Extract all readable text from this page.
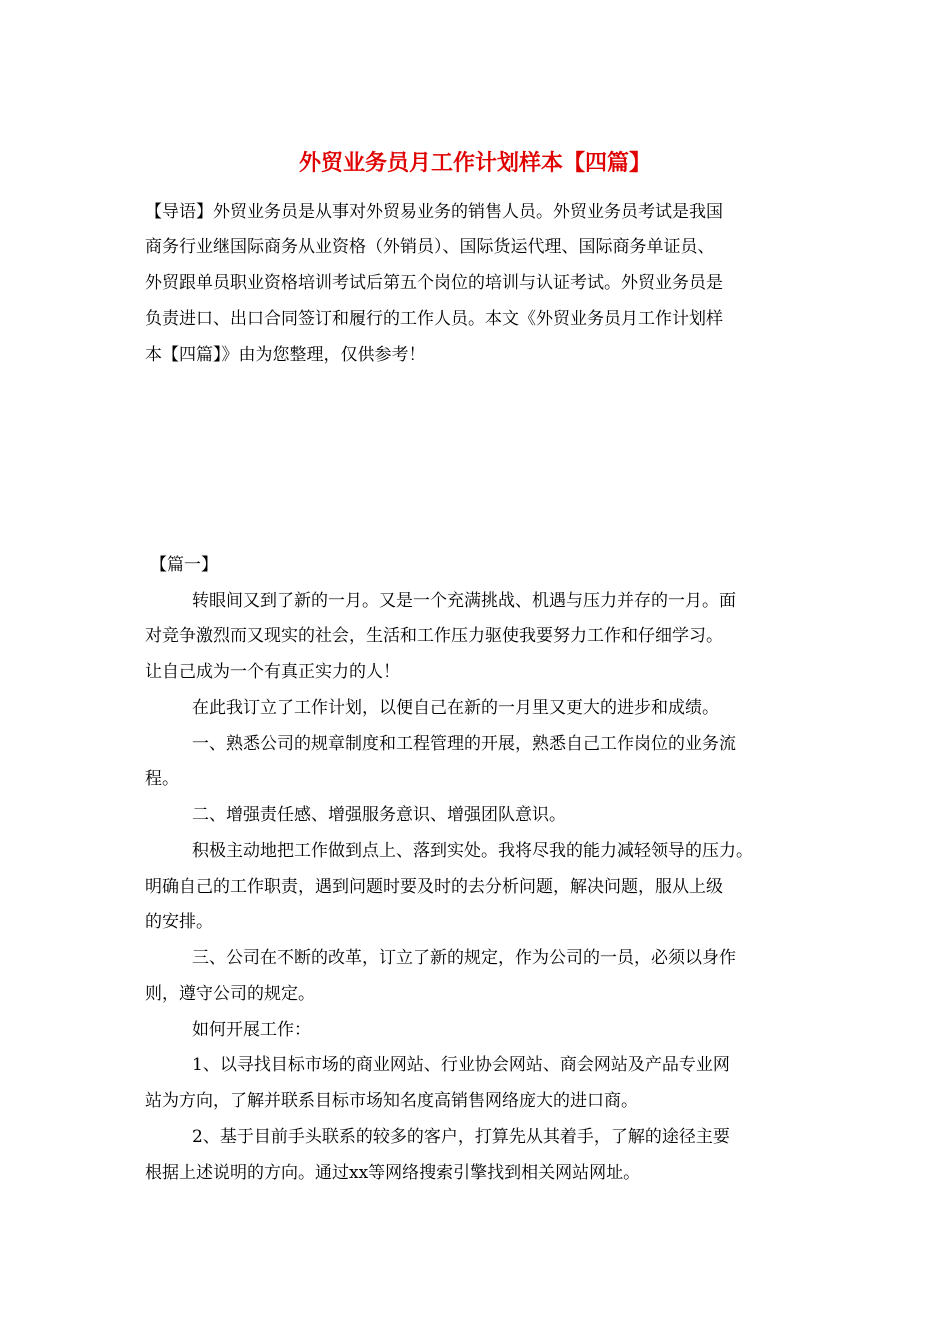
外贸业务员月工作计划样本【四篇】
【导语】外贸业务员是从事对外贸易业务的销售人员。外贸业务员考试是我国
商务行业继国际商务从业资格（外销员）、国际货运代理、国际商务单证员、
外贸跟单员职业资格培训考试后第五个岗位的培训与认证考试。外贸业务员是
负责进口、出口合同签订和履行的工作人员。本文《外贸业务员月工作计划样
本【四篇】》由为您整理，仅供参考！
【篇一】
转眼间又到了新的一月。又是一个充满挑战、机遇与压力并存的一月。面
对竞争激烈而又现实的社会，生活和工作压力驱使我要努力工作和仔细学习。
让自己成为一个有真正实力的人！
在此我订立了工作计划，以便自己在新的一月里又更大的进步和成绩。
一、熟悉公司的规章制度和工程管理的开展，熟悉自己工作岗位的业务流
程。
二、增强责任感、增强服务意识、增强团队意识。
积极主动地把工作做到点上、落到实处。我将尽我的能力减轻领导的压力。
明确自己的工作职责，遇到问题时要及时的去分析问题，解决问题，服从上级
的安排。
三、公司在不断的改革，订立了新的规定，作为公司的一员，必须以身作
则，遵守公司的规定。
如何开展工作：
1、以寻找目标市场的商业网站、行业协会网站、商会网站及产品专业网
站为方向，了解并联系目标市场知名度高销售网络庞大的进口商。
2、基于目前手头联系的较多的客户，打算先从其着手，了解的途径主要
根据上述说明的方向。通过xx等网络搜索引擎找到相关网站网址。
